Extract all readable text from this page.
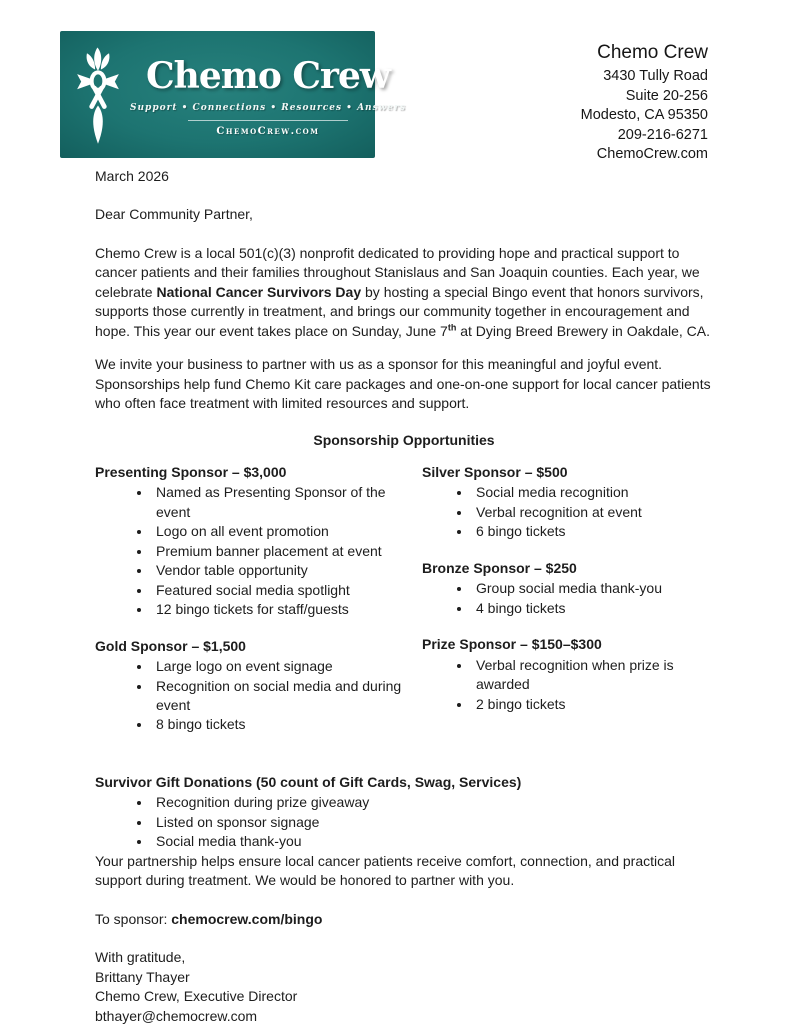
Chemo Crew
Support • Connections • Resources • Answers
ChemoCrew.com
Chemo Crew
3430 Tully Road
Suite 20-256
Modesto, CA 95350
209-216-6271
ChemoCrew.com
March 2026
Dear Community Partner,

Chemo Crew is a local 501(c)(3) nonprofit dedicated to providing hope and practical support to cancer patients and their families throughout Stanislaus and San Joaquin counties. Each year, we celebrate National Cancer Survivors Day by hosting a special Bingo event that honors survivors, supports those currently in treatment, and brings our community together in encouragement and hope. This year our event takes place on Sunday, June 7th at Dying Breed Brewery in Oakdale, CA.

We invite your business to partner with us as a sponsor for this meaningful and joyful event. Sponsorships help fund Chemo Kit care packages and one-on-one support for local cancer patients who often face treatment with limited resources and support.

Sponsorship Opportunities
Presenting Sponsor – $3,000
• Named as Presenting Sponsor of the event
• Logo on all event promotion
• Premium banner placement at event
• Vendor table opportunity
• Featured social media spotlight
• 12 bingo tickets for staff/guests
Gold Sponsor – $1,500
• Large logo on event signage
• Recognition on social media and during event
• 8 bingo tickets
Silver Sponsor – $500
• Social media recognition
• Verbal recognition at event
• 6 bingo tickets
Bronze Sponsor – $250
• Group social media thank-you
• 4 bingo tickets
Prize Sponsor – $150–$300
• Verbal recognition when prize is awarded
• 2 bingo tickets
Survivor Gift Donations (50 count of Gift Cards, Swag, Services)
• Recognition during prize giveaway
• Listed on sponsor signage
• Social media thank-you

Your partnership helps ensure local cancer patients receive comfort, connection, and practical support during treatment. We would be honored to partner with you.

To sponsor: chemocrew.com/bingo
With gratitude,
Brittany Thayer
Chemo Crew, Executive Director
bthayer@chemocrew.com
